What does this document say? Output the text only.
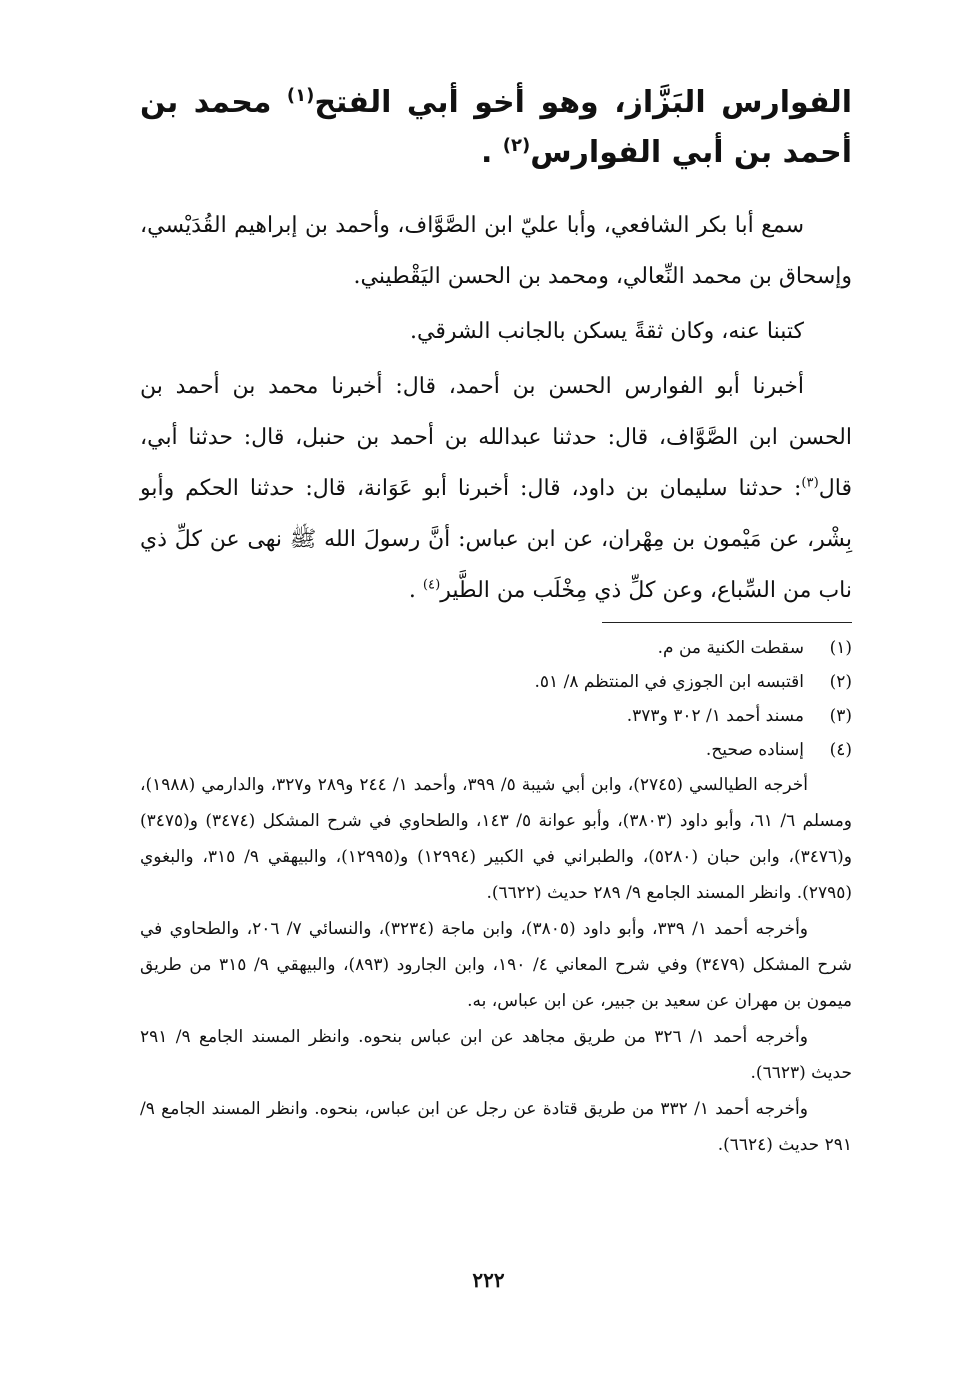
الفوارس البَزَّاز، وهو أخو أبي الفتح$^{(١)}$ محمد بن أحمد بن أبي الفوارس$^{(٢)}$ .

سمع أبا بكر الشافعي، وأبا عليّ ابن الصَّوَّاف، وأحمد بن إبراهيم القُدَيْسي، وإسحاق بن محمد النِّعالي، ومحمد بن الحسن اليَقْطيني.

كتبنا عنه، وكان ثقةً يسكن بالجانب الشرقي.

أخبرنا أبو الفوارس الحسن بن أحمد، قال: أخبرنا محمد بن أحمد بن الحسن ابن الصَّوَّاف، قال: حدثنا عبدالله بن أحمد بن حنبل، قال: حدثنا أبي، قال$^{(٣)}$: حدثنا سليمان بن داود، قال: أخبرنا أبو عَوَانة، قال: حدثنا الحكم وأبو بِشْر، عن مَيْمون بن مِهْران، عن ابن عباس: أنَّ رسولَ الله ﷺ نهى عن كلِّ ذي ناب من السِّباع، وعن كلِّ ذي مِخْلَب من الطَّير$^{(٤)}$ .

(١)
سقطت الكنية من م.
(٢)
اقتبسه ابن الجوزي في المنتظم ٨/ ٥١.
(٣)
مسند أحمد ١/ ٣٠٢ و٣٧٣.
(٤)
إسناده صحيح.

أخرجه الطيالسي (٢٧٤٥)، وابن أبي شيبة ٥/ ٣٩٩، وأحمد ١/ ٢٤٤ و٢٨٩ و٣٢٧، والدارمي (١٩٨٨)، ومسلم ٦/ ٦١، وأبو داود (٣٨٠٣)، وأبو عوانة ٥/ ١٤٣، والطحاوي في شرح المشكل (٣٤٧٤) و(٣٤٧٥) و(٣٤٧٦)، وابن حبان (٥٢٨٠)، والطبراني في الكبير (١٢٩٩٤) و(١٢٩٩٥)، والبيهقي ٩/ ٣١٥، والبغوي (٢٧٩٥). وانظر المسند الجامع ٩/ ٢٨٩ حديث (٦٦٢٢).

وأخرجه أحمد ١/ ٣٣٩، وأبو داود (٣٨٠٥)، وابن ماجة (٣٢٣٤)، والنسائي ٧/ ٢٠٦، والطحاوي في شرح المشكل (٣٤٧٩) وفي شرح المعاني ٤/ ١٩٠، وابن الجارود (٨٩٣)، والبيهقي ٩/ ٣١٥ من طريق ميمون بن مهران عن سعيد بن جبير، عن ابن عباس، به.

وأخرجه أحمد ١/ ٣٢٦ من طريق مجاهد عن ابن عباس بنحوه. وانظر المسند الجامع ٩/ ٢٩١ حديث (٦٦٢٣).

وأخرجه أحمد ١/ ٣٣٢ من طريق قتادة عن رجل عن ابن عباس، بنحوه. وانظر المسند الجامع ٩/ ٢٩١ حديث (٦٦٢٤).

٢٢٢
